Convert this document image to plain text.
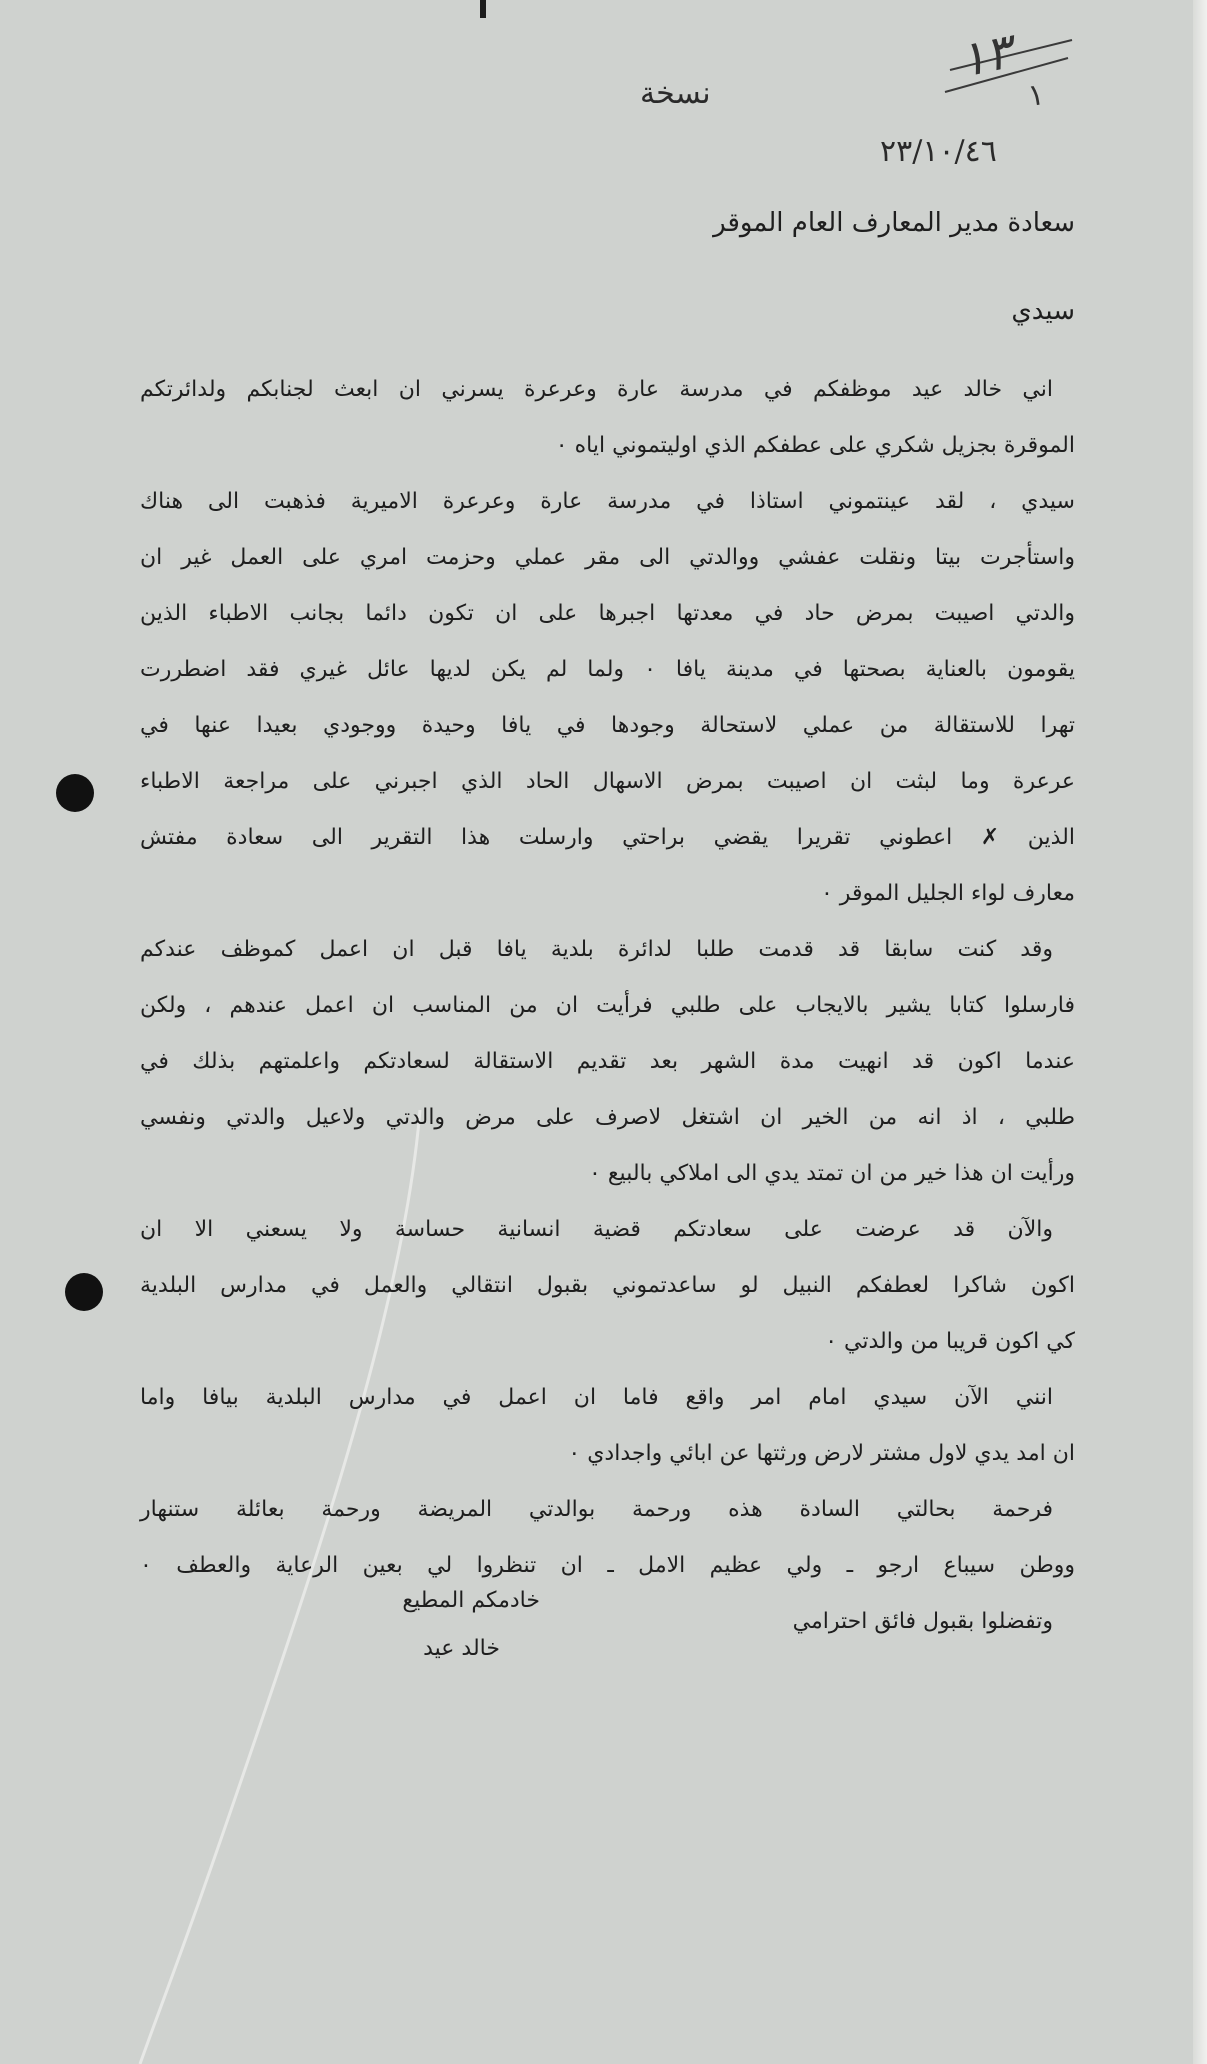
١٣
١
نسخة
٢٣/١٠/٤٦
سعادة مدير المعارف العام الموقر
سيدي
اني خالد عيد موظفكم في مدرسة عارة وعرعرة يسرني ان ابعث لجنابكم ولدائرتكم
الموقرة بجزيل شكري على عطفكم الذي اوليتموني اياه ٠
سيدي ، لقد عينتموني استاذا في مدرسة عارة وعرعرة الاميرية فذهبت الى هناك
واستأجرت بيتا ونقلت عفشي ووالدتي الى مقر عملي وحزمت امري على العمل غير ان
والدتي اصيبت بمرض حاد في معدتها اجبرها على ان تكون دائما بجانب الاطباء الذين
يقومون بالعناية بصحتها في مدينة يافا ٠ ولما لم يكن لديها عائل غيري فقد اضطررت
تهرا للاستقالة من عملي لاستحالة وجودها في يافا وحيدة ووجودي بعيدا عنها في
عرعرة وما لبثت ان اصيبت بمرض الاسهال الحاد الذي اجبرني على مراجعة الاطباء
الذين ✗ اعطوني تقريرا يقضي براحتي وارسلت هذا التقرير الى سعادة مفتش
معارف لواء الجليل الموقر ٠
وقد كنت سابقا قد قدمت طلبا لدائرة بلدية يافا قبل ان اعمل كموظف عندكم
فارسلوا كتابا يشير بالايجاب على طلبي فرأيت ان من المناسب ان اعمل عندهم ، ولكن
عندما اكون قد انهيت مدة الشهر بعد تقديم الاستقالة لسعادتكم واعلمتهم بذلك في
طلبي ، اذ انه من الخير ان اشتغل لاصرف على مرض والدتي ولاعيل والدتي ونفسي
ورأيت ان هذا خير من ان تمتد يدي الى املاكي بالبيع ٠
والآن قد عرضت على سعادتكم قضية انسانية حساسة ولا يسعني الا ان
اكون شاكرا لعطفكم النبيل لو ساعدتموني بقبول انتقالي والعمل في مدارس البلدية
كي اكون قريبا من والدتي ٠
انني الآن سيدي امام امر واقع فاما ان اعمل في مدارس البلدية بيافا واما
ان امد يدي لاول مشتر لارض ورثتها عن ابائي واجدادي ٠
فرحمة بحالتي السادة هذه ورحمة بوالدتي المريضة ورحمة بعائلة ستنهار
ووطن سيباع ارجو ـ ولي عظيم الامل ـ ان تنظروا لي بعين الرعاية والعطف ٠
وتفضلوا بقبول فائق احترامي
خادمكم المطيع
خالد عيد
